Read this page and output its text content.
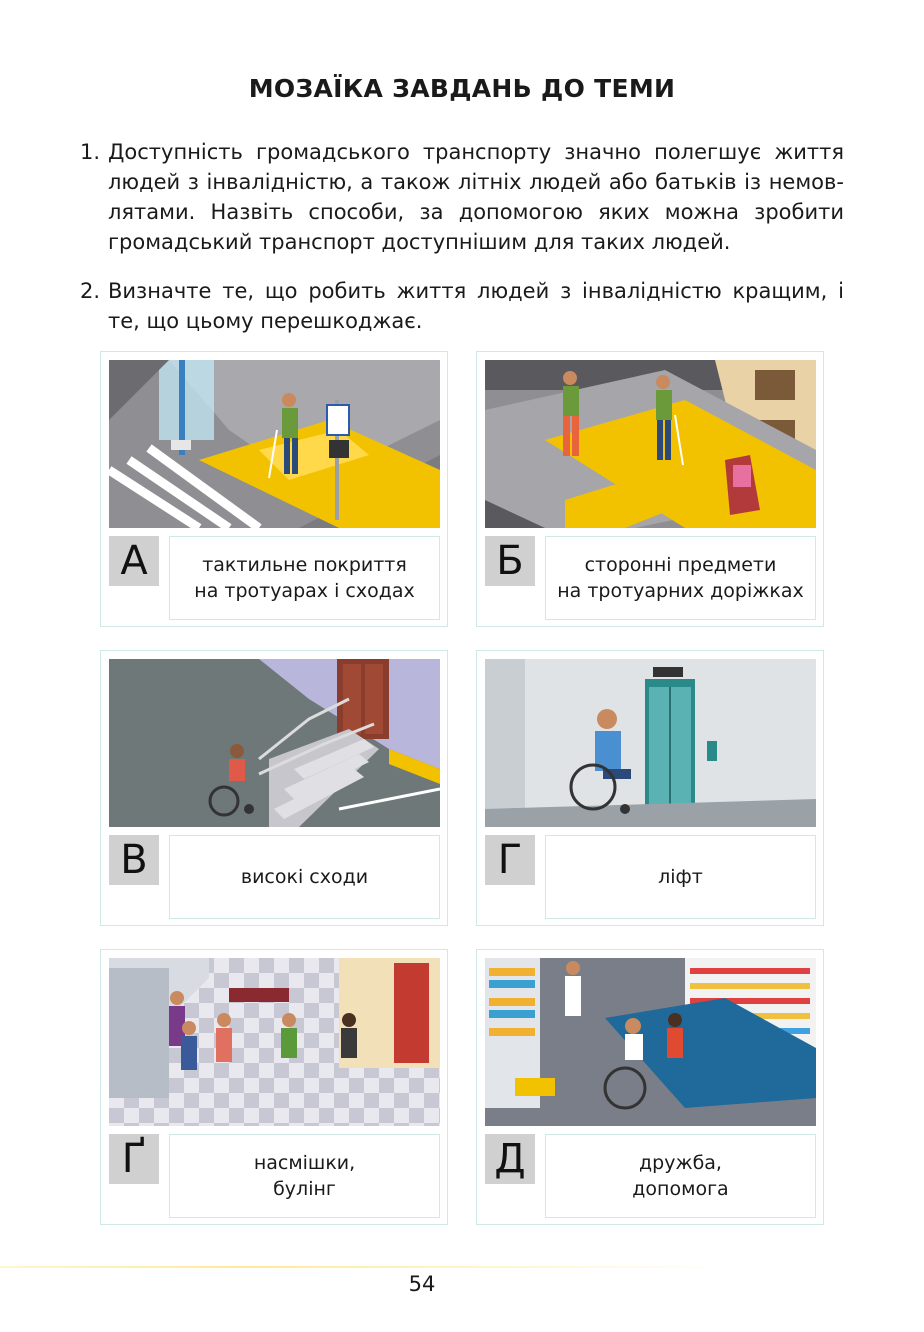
МОЗАЇКА ЗАВДАНЬ ДО ТЕМИ
1. Доступність громадського транспорту значно полегшує життя людей з інвалідністю, а також літніх людей або батьків із немовлятами. Назвіть способи, за допомогою яких можна зробити громадський транспорт доступнішим для таких людей.
2. Визначте те, що робить життя людей з інвалідністю кращим, і те, що цьому перешкоджає.
А	тактильне покриття
на тротуарах і сходах
Б	сторонні предмети
на тротуарних доріжках
В	високі сходи	Г	ліфт
Ґ	насмішки,
булінг
Д	дружба,
допомога
54
